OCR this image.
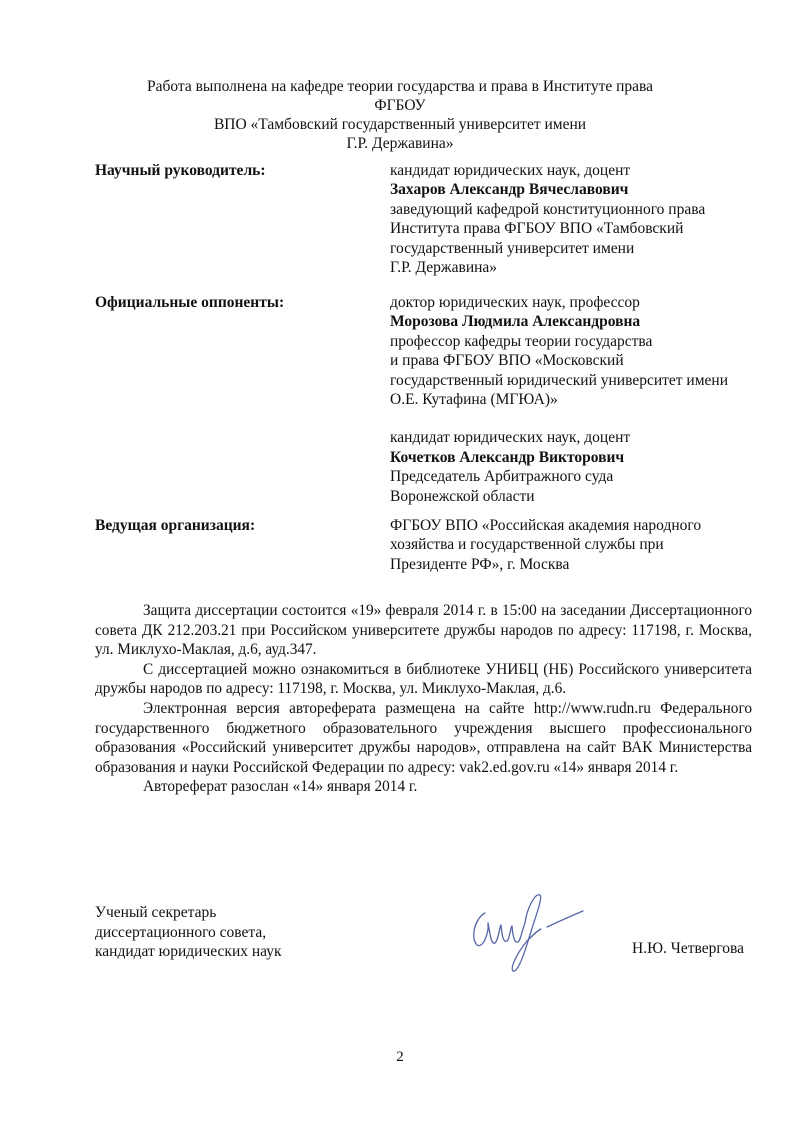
Работа выполнена на кафедре теории государства и права в Институте права ФГБОУ
ВПО «Тамбовский государственный университет имени
Г.Р. Державина»
Научный руководитель:	кандидат юридических наук, доцент

Захаров Александр Вячеславович

заведующий кафедрой конституционного права

Института права ФГБОУ ВПО «Тамбовский

государственный университет имени

Г.Р. Державина»

Официальные оппоненты:	доктор юридических наук, профессор

Морозова Людмила Александровна

профессор кафедры теории государства

и права ФГБОУ ВПО «Московский

государственный юридический университет имени

О.Е. Кутафина (МГЮА)»

кандидат юридических наук, доцент

Кочетков Александр Викторович

Председатель Арбитражного суда

Воронежской области

Ведущая организация:	ФГБОУ ВПО «Российская академия народного

хозяйства и государственной службы при

Президенте РФ», г. Москва

Защита диссертации состоится «19» февраля 2014 г. в 15:00 на заседании Диссертационного совета ДК 212.203.21 при Российском университете дружбы народов по адресу: 117198, г. Москва, ул. Миклухо-Маклая, д.6, ауд.347.

С диссертацией можно ознакомиться в библиотеке УНИБЦ (НБ) Российского университета дружбы народов по адресу: 117198, г. Москва, ул. Миклухо-Маклая, д.6.

Электронная версия автореферата размещена на сайте http://www.rudn.ru Федерального государственного бюджетного образовательного учреждения высшего профессионального образования «Российский университет дружбы народов», отправлена на сайт ВАК Министерства образования и науки Российской Федерации по адресу: vak2.ed.gov.ru «14» января 2014 г.

Автореферат разослан «14» января 2014 г.

Ученый секретарь

диссертационного совета,

кандидат юридических наук	Н.Ю. Четвергова
2
